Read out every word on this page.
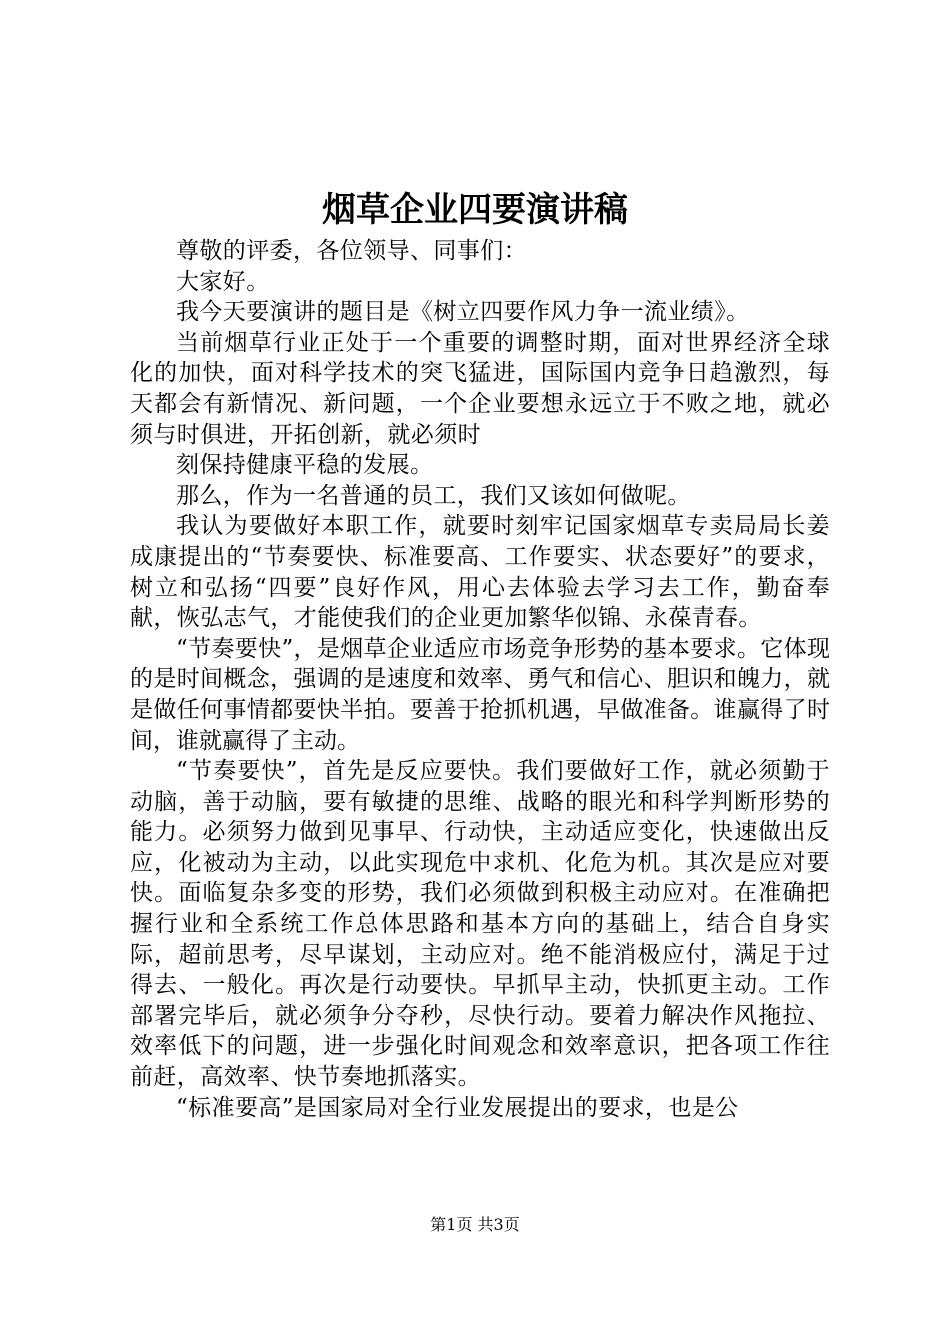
烟草企业四要演讲稿

尊敬的评委，各位领导、同事们：

大家好。

我今天要演讲的题目是《树立四要作风力争一流业绩》。

当前烟草行业正处于一个重要的调整时期，面对世界经济全球化的加快，面对科学技术的突飞猛进，国际国内竞争日趋激烈，每天都会有新情况、新问题，一个企业要想永远立于不败之地，就必须与时俱进，开拓创新，就必须时

刻保持健康平稳的发展。

那么，作为一名普通的员工，我们又该如何做呢。

我认为要做好本职工作，就要时刻牢记国家烟草专卖局局长姜成康提出的“节奏要快、标准要高、工作要实、状态要好”的要求，树立和弘扬“四要”良好作风，用心去体验去学习去工作，勤奋奉献，恢弘志气，才能使我们的企业更加繁华似锦、永葆青春。

“节奏要快”，是烟草企业适应市场竞争形势的基本要求。它体现的是时间概念，强调的是速度和效率、勇气和信心、胆识和魄力，就是做任何事情都要快半拍。要善于抢抓机遇，早做准备。谁赢得了时间，谁就赢得了主动。

“节奏要快”，首先是反应要快。我们要做好工作，就必须勤于动脑，善于动脑，要有敏捷的思维、战略的眼光和科学判断形势的能力。必须努力做到见事早、行动快，主动适应变化，快速做出反应，化被动为主动，以此实现危中求机、化危为机。其次是应对要快。面临复杂多变的形势，我们必须做到积极主动应对。在准确把握行业和全系统工作总体思路和基本方向的基础上，结合自身实际，超前思考，尽早谋划，主动应对。绝不能消极应付，满足于过得去、一般化。再次是行动要快。早抓早主动，快抓更主动。工作部署完毕后，就必须争分夺秒，尽快行动。要着力解决作风拖拉、效率低下的问题，进一步强化时间观念和效率意识，把各项工作往前赶，高效率、快节奏地抓落实。

“标准要高”是国家局对全行业发展提出的要求，也是公

第1页 共3页
